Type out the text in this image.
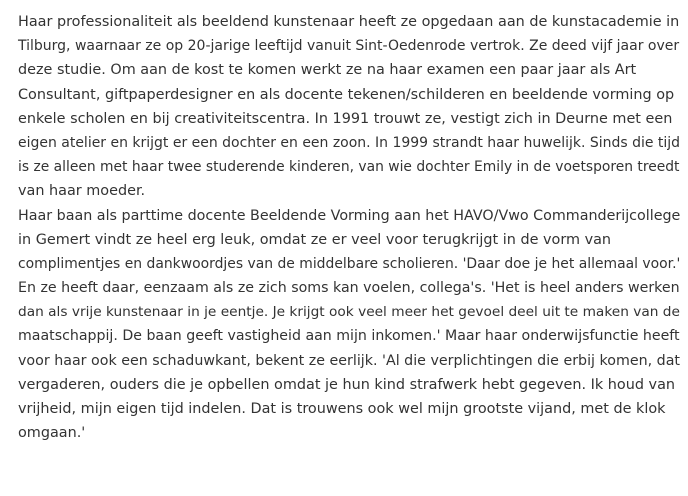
Haar professionaliteit als beeldend kunstenaar heeft ze opgedaan aan de kunstacademie in
Tilburg, waarnaar ze op 20-jarige leeftijd vanuit Sint-Oedenrode vertrok. Ze deed vijf jaar over
deze studie. Om aan de kost te komen werkt ze na haar examen een paar jaar als Art
Consultant, giftpaperdesigner en als docente tekenen/schilderen en beeldende vorming op
enkele scholen en bij creativiteitscentra. In 1991 trouwt ze, vestigt zich in Deurne met een
eigen atelier en krijgt er een dochter en een zoon. In 1999 strandt haar huwelijk. Sinds die tijd
is ze alleen met haar twee studerende kinderen, van wie dochter Emily in de voetsporen treedt
van haar moeder.

Haar baan als parttime docente Beeldende Vorming aan het HAVO/Vwo Commanderijcollege
in Gemert vindt ze heel erg leuk, omdat ze er veel voor terugkrijgt in de vorm van
complimentjes en dankwoordjes van de middelbare scholieren. 'Daar doe je het allemaal voor.'
En ze heeft daar, eenzaam als ze zich soms kan voelen, collega's. 'Het is heel anders werken
dan als vrije kunstenaar in je eentje. Je krijgt ook veel meer het gevoel deel uit te maken van de
maatschappij. De baan geeft vastigheid aan mijn inkomen.' Maar haar onderwijsfunctie heeft
voor haar ook een schaduwkant, bekent ze eerlijk. 'Al die verplichtingen die erbij komen, dat
vergaderen, ouders die je opbellen omdat je hun kind strafwerk hebt gegeven. Ik houd van
vrijheid, mijn eigen tijd indelen. Dat is trouwens ook wel mijn grootste vijand, met de klok
omgaan.'
